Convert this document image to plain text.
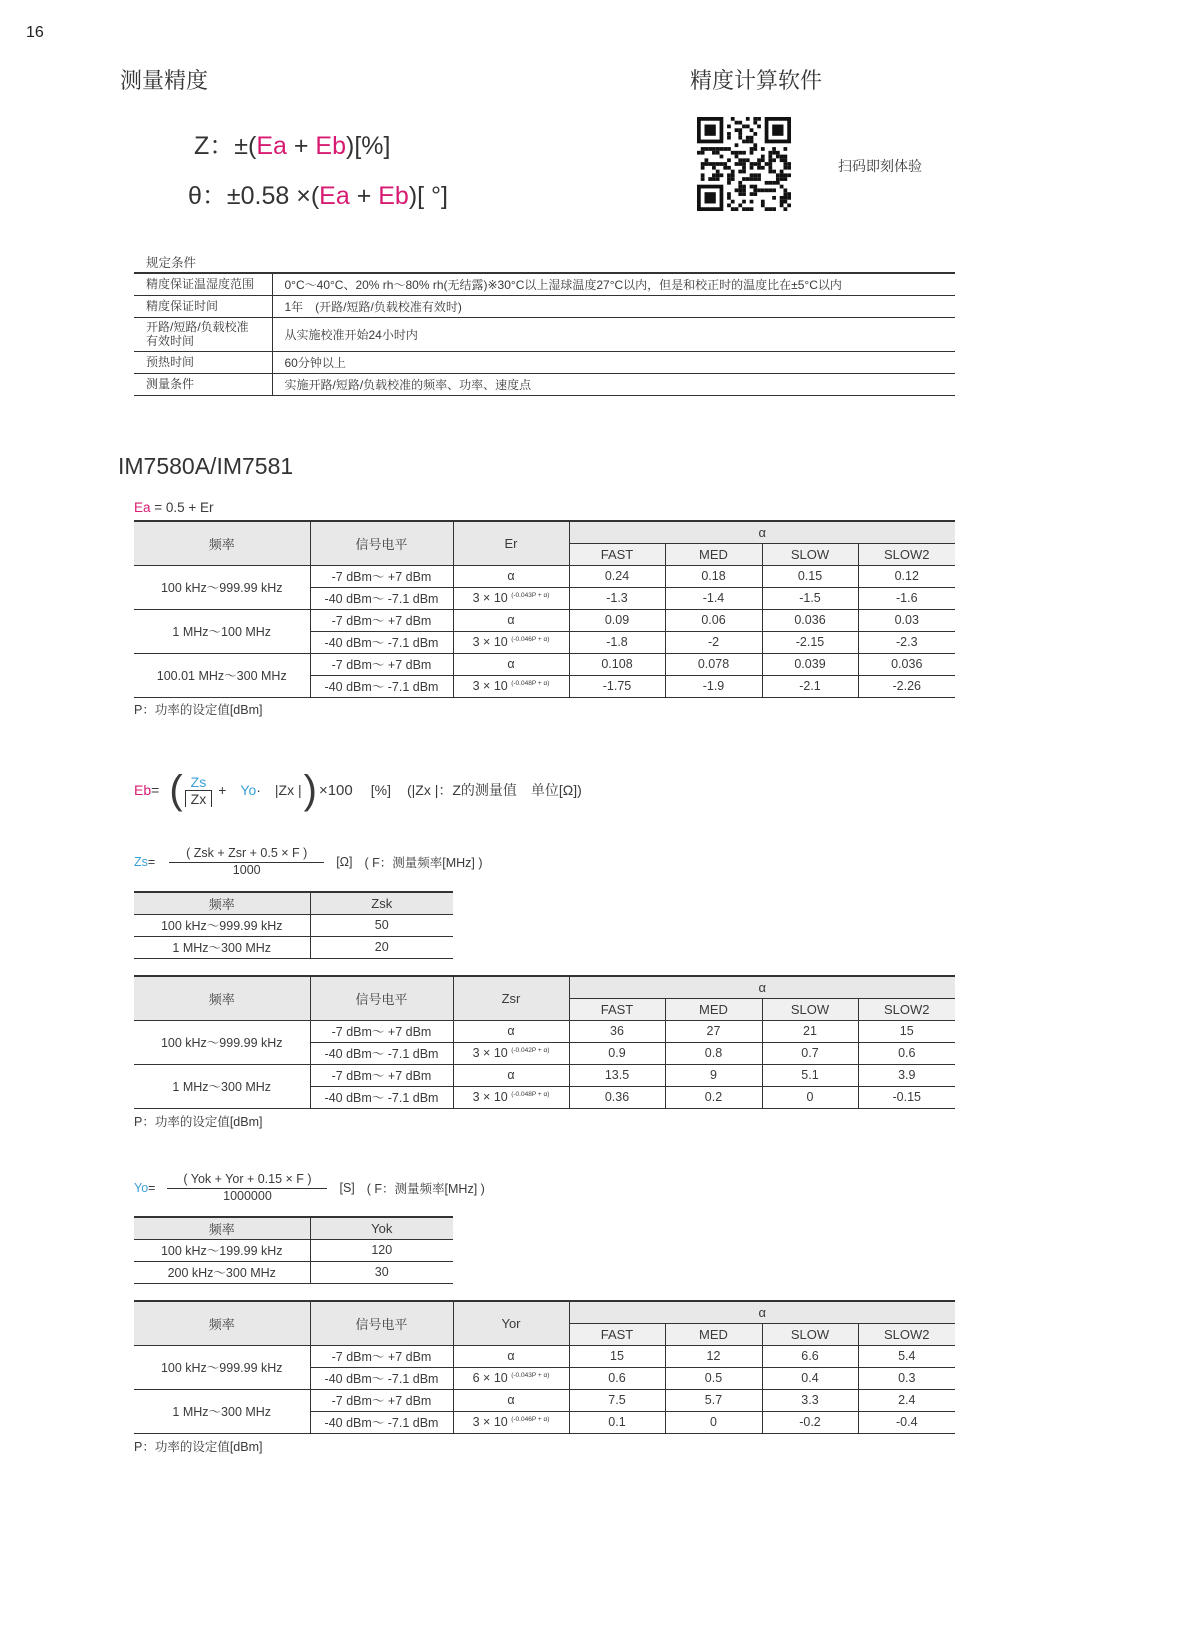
16
测量精度	精度计算软件
Z：±(Ea + Eb)[%]
θ：±0.58 ×(Ea + Eb)[ °]
扫码即刻体验
规定条件
精度保证温湿度范围	0°C～40°C、20% rh～80% rh(无结露)※30°C以上湿球温度27°C以内，但是和校正时的温度比在±5°C以内
精度保证时间	1年　(开路/短路/负载校准有效时)
开路/短路/负载校准
有效时间	从实施校准开始24小时内
预热时间	60分钟以上
测量条件	实施开路/短路/负载校准的频率、功率、速度点
IM7580A/IM7581
Ea = 0.5 + Er
频率	信号电平	Er	α			
			FAST	MED	SLOW	SLOW2
100 kHz～999.99 kHz	-7 dBm～ +7 dBm	α	0.24	0.18	0.15	0.12
	-40 dBm～ -7.1 dBm	3 × 10 $^{(-0.043P + \alpha)}$	-1.3	-1.4	-1.5	-1.6
1 MHz～100 MHz	-7 dBm～ +7 dBm	α	0.09	0.06	0.036	0.03
	-40 dBm～ -7.1 dBm	3 × 10 $^{(-0.046P + \alpha)}$	-1.8	-2	-2.15	-2.3
100.01 MHz～300 MHz	-7 dBm～ +7 dBm	α	0.108	0.078	0.039	0.036
	-40 dBm～ -7.1 dBm	3 × 10 $^{(-0.048P + \alpha)}$	-1.75	-1.9	-2.1	-2.26
P：功率的设定值[dBm]
Eb = ( $\frac{Zs}{Zx} + Yo \cdot |Zx$ | ) ×100 [%] (|Zx |：Z的测量值　单位[Ω])
$Zs = \frac{\text{( Zsk + Zsr + 0.5 × F )}}{1000} [\Omega]$ ( F：测量频率[MHz] )
频率	Zsk
100 kHz～999.99 kHz	50
1 MHz～300 MHz	20
频率	信号电平	Zsr	α			
			FAST	MED	SLOW	SLOW2
100 kHz～999.99 kHz	-7 dBm～ +7 dBm	α	36	27	21	15
	-40 dBm～ -7.1 dBm	3 × 10 $^{(-0.042P + \alpha)}$	0.9	0.8	0.7	0.6
1 MHz～300 MHz	-7 dBm～ +7 dBm	α	13.5	9	5.1	3.9
	-40 dBm～ -7.1 dBm	3 × 10 $^{(-0.048P + \alpha)}$	0.36	0.2	0	-0.15
P：功率的设定值[dBm]
$Yo = \frac{\text{( Yok + Yor + 0.15 × F )}}{1000000} [S]$ ( F：测量频率[MHz] )
频率	Yok
100 kHz～199.99 kHz	120
200 kHz～300 MHz	30
频率	信号电平	Yor	α			
			FAST	MED	SLOW	SLOW2
100 kHz～999.99 kHz	-7 dBm～ +7 dBm	α	15	12	6.6	5.4
	-40 dBm～ -7.1 dBm	6 × 10 $^{(-0.043P + \alpha)}$	0.6	0.5	0.4	0.3
1 MHz～300 MHz	-7 dBm～ +7 dBm	α	7.5	5.7	3.3	2.4
	-40 dBm～ -7.1 dBm	3 × 10 $^{(-0.046P + \alpha)}$	0.1	0	-0.2	-0.4
P：功率的设定值[dBm]
